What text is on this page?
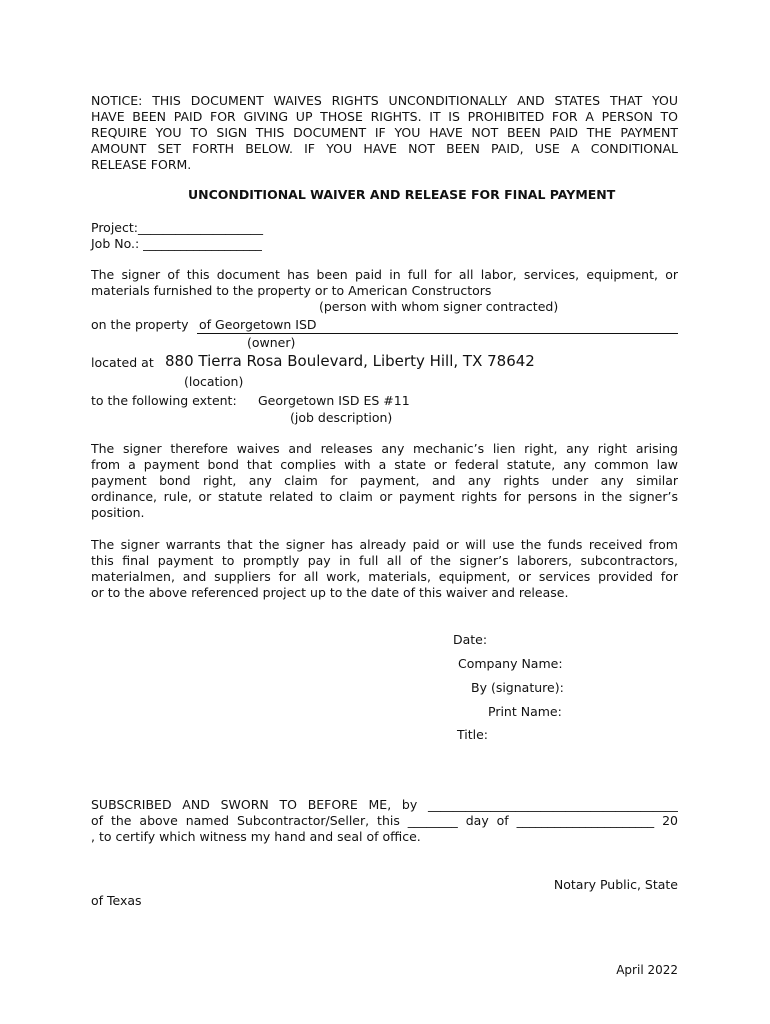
NOTICE: THIS DOCUMENT WAIVES RIGHTS UNCONDITIONALLY AND STATES THAT YOU
HAVE BEEN PAID FOR GIVING UP THOSE RIGHTS. IT IS PROHIBITED FOR A PERSON TO
REQUIRE YOU TO SIGN THIS DOCUMENT IF YOU HAVE NOT BEEN PAID THE PAYMENT
AMOUNT SET FORTH BELOW. IF YOU HAVE NOT BEEN PAID, USE A CONDITIONAL
RELEASE FORM.
UNCONDITIONAL WAIVER AND RELEASE FOR FINAL PAYMENT
Project:____________________
Job No.: ___________________
The signer of this document has been paid in full for all labor, services, equipment, or
materials furnished to the property or to American Constructors
(person with whom signer contracted)
on the property of Georgetown ISD
(owner)
located at 880 Tierra Rosa Boulevard, Liberty Hill, TX 78642
(location)
to the following extent: Georgetown ISD ES #11
(job description)
The signer therefore waives and releases any mechanic’s lien right, any right arising
from a payment bond that complies with a state or federal statute, any common law
payment bond right, any claim for payment, and any rights under any similar
ordinance, rule, or statute related to claim or payment rights for persons in the signer’s
position.
The signer warrants that the signer has already paid or will use the funds received from
this final payment to promptly pay in full all of the signer’s laborers, subcontractors,
materialmen, and suppliers for all work, materials, equipment, or services provided for
or to the above referenced project up to the date of this waiver and release.
Date:
Company Name:
By (signature):
Print Name:
Title:
SUBSCRIBED AND SWORN TO BEFORE ME, by ________________________________________
of the above named Subcontractor/Seller, this ________ day of ______________________ 20
, to certify which witness my hand and seal of office.
Notary Public, State
of Texas
April 2022
